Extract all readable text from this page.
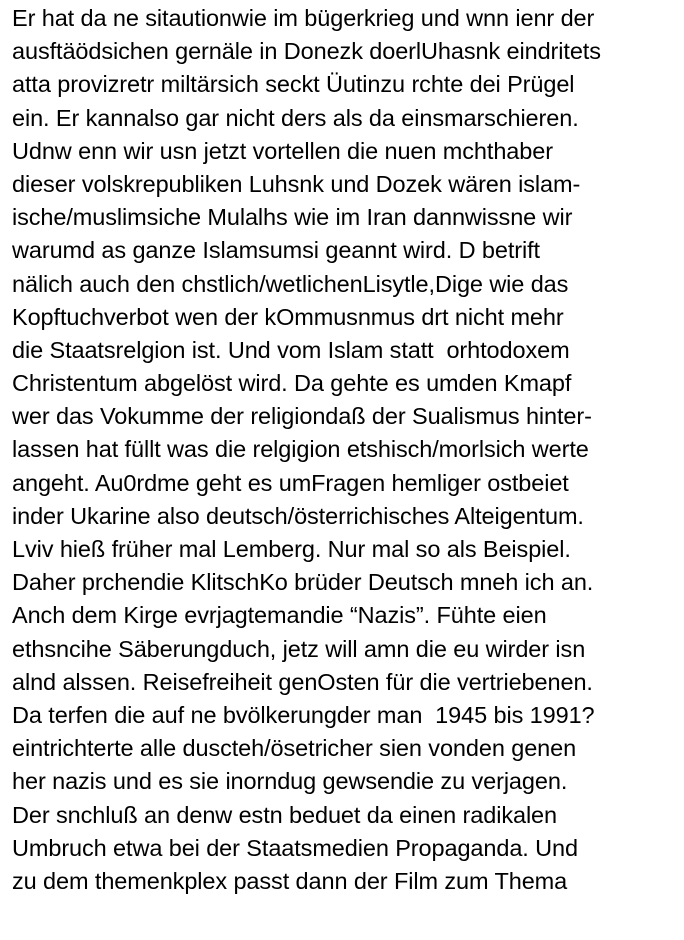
Er hat da ne sitautionwie im bügerkrieg und wnn ienr der
ausftäödsichen gernäle in Donezk doerlUhasnk eindritets
atta provizretr miltärsich seckt Üutinzu rchte dei Prügel
ein. Er kannalso gar nicht ders als da einsmarschieren.
Udnw enn wir usn jetzt vortellen die nuen mchthaber
dieser volskrepubliken Luhsnk und Dozek wären islam-
ische/muslimsiche Mulalhs wie im Iran dannwissne wir
warumd as ganze Islamsumsi geannt wird. D betrift
nälich auch den chstlich/wetlichenLisytle,Dige wie das
Kopftuchverbot wen der kOmmusnmus drt nicht mehr
die Staatsrelgion ist. Und vom Islam statt  orhtodoxem
Christentum abgelöst wird. Da gehte es umden Kmapf
wer das Vokumme der religiondaß der Sualismus hinter-
lassen hat füllt was die relgigion etshisch/morlsich werte
angeht. Au0rdme geht es umFragen hemliger ostbeiet
inder Ukarine also deutsch/österrichisches Alteigentum.
Lviv hieß früher mal Lemberg. Nur mal so als Beispiel.
Daher prchendie KlitschKo brüder Deutsch mneh ich an.
Anch dem Kirge evrjagtemandie “Nazis”. Fühte eien
ethsncihe Säberungduch, jetz will amn die eu wirder isn
alnd alssen. Reisefreiheit genOsten für die vertriebenen.
Da terfen die auf ne bvölkerungder man  1945 bis 1991?
eintrichterte alle duscteh/ösetricher sien vonden genen
her nazis und es sie inorndug gewsendie zu verjagen.
Der snchluß an denw estn beduet da einen radikalen
Umbruch etwa bei der Staatsmedien Propaganda. Und
zu dem themenkplex passt dann der Film zum Thema
